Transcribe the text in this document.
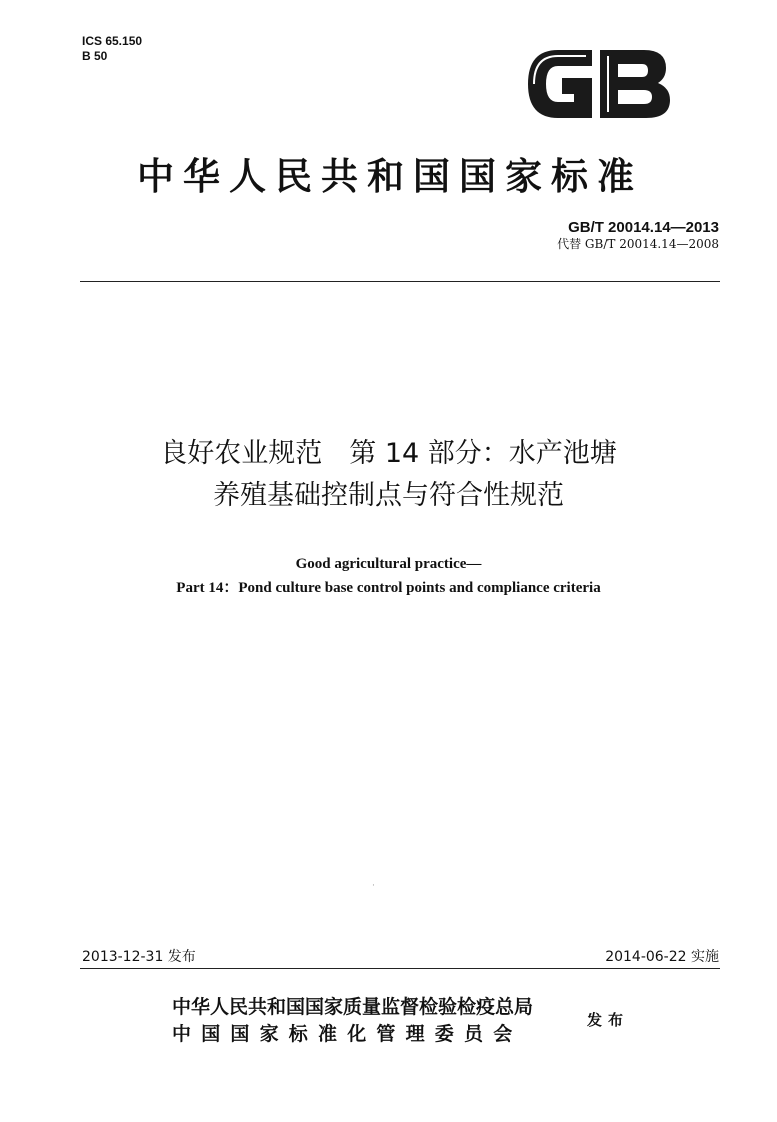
ICS 65.150
B 50
中华人民共和国国家标准
GB/T 20014.14—2013
代替 GB/T 20014.14—2008
良好农业规范　第 14 部分：水产池塘
养殖基础控制点与符合性规范
Good agricultural practice—
Part 14：Pond culture base control points and compliance criteria
·
2013-12-31 发布	2014-06-22 实施
中华人民共和国国家质量监督检验检疫总局
中国国家标准化管理委员会
发布
